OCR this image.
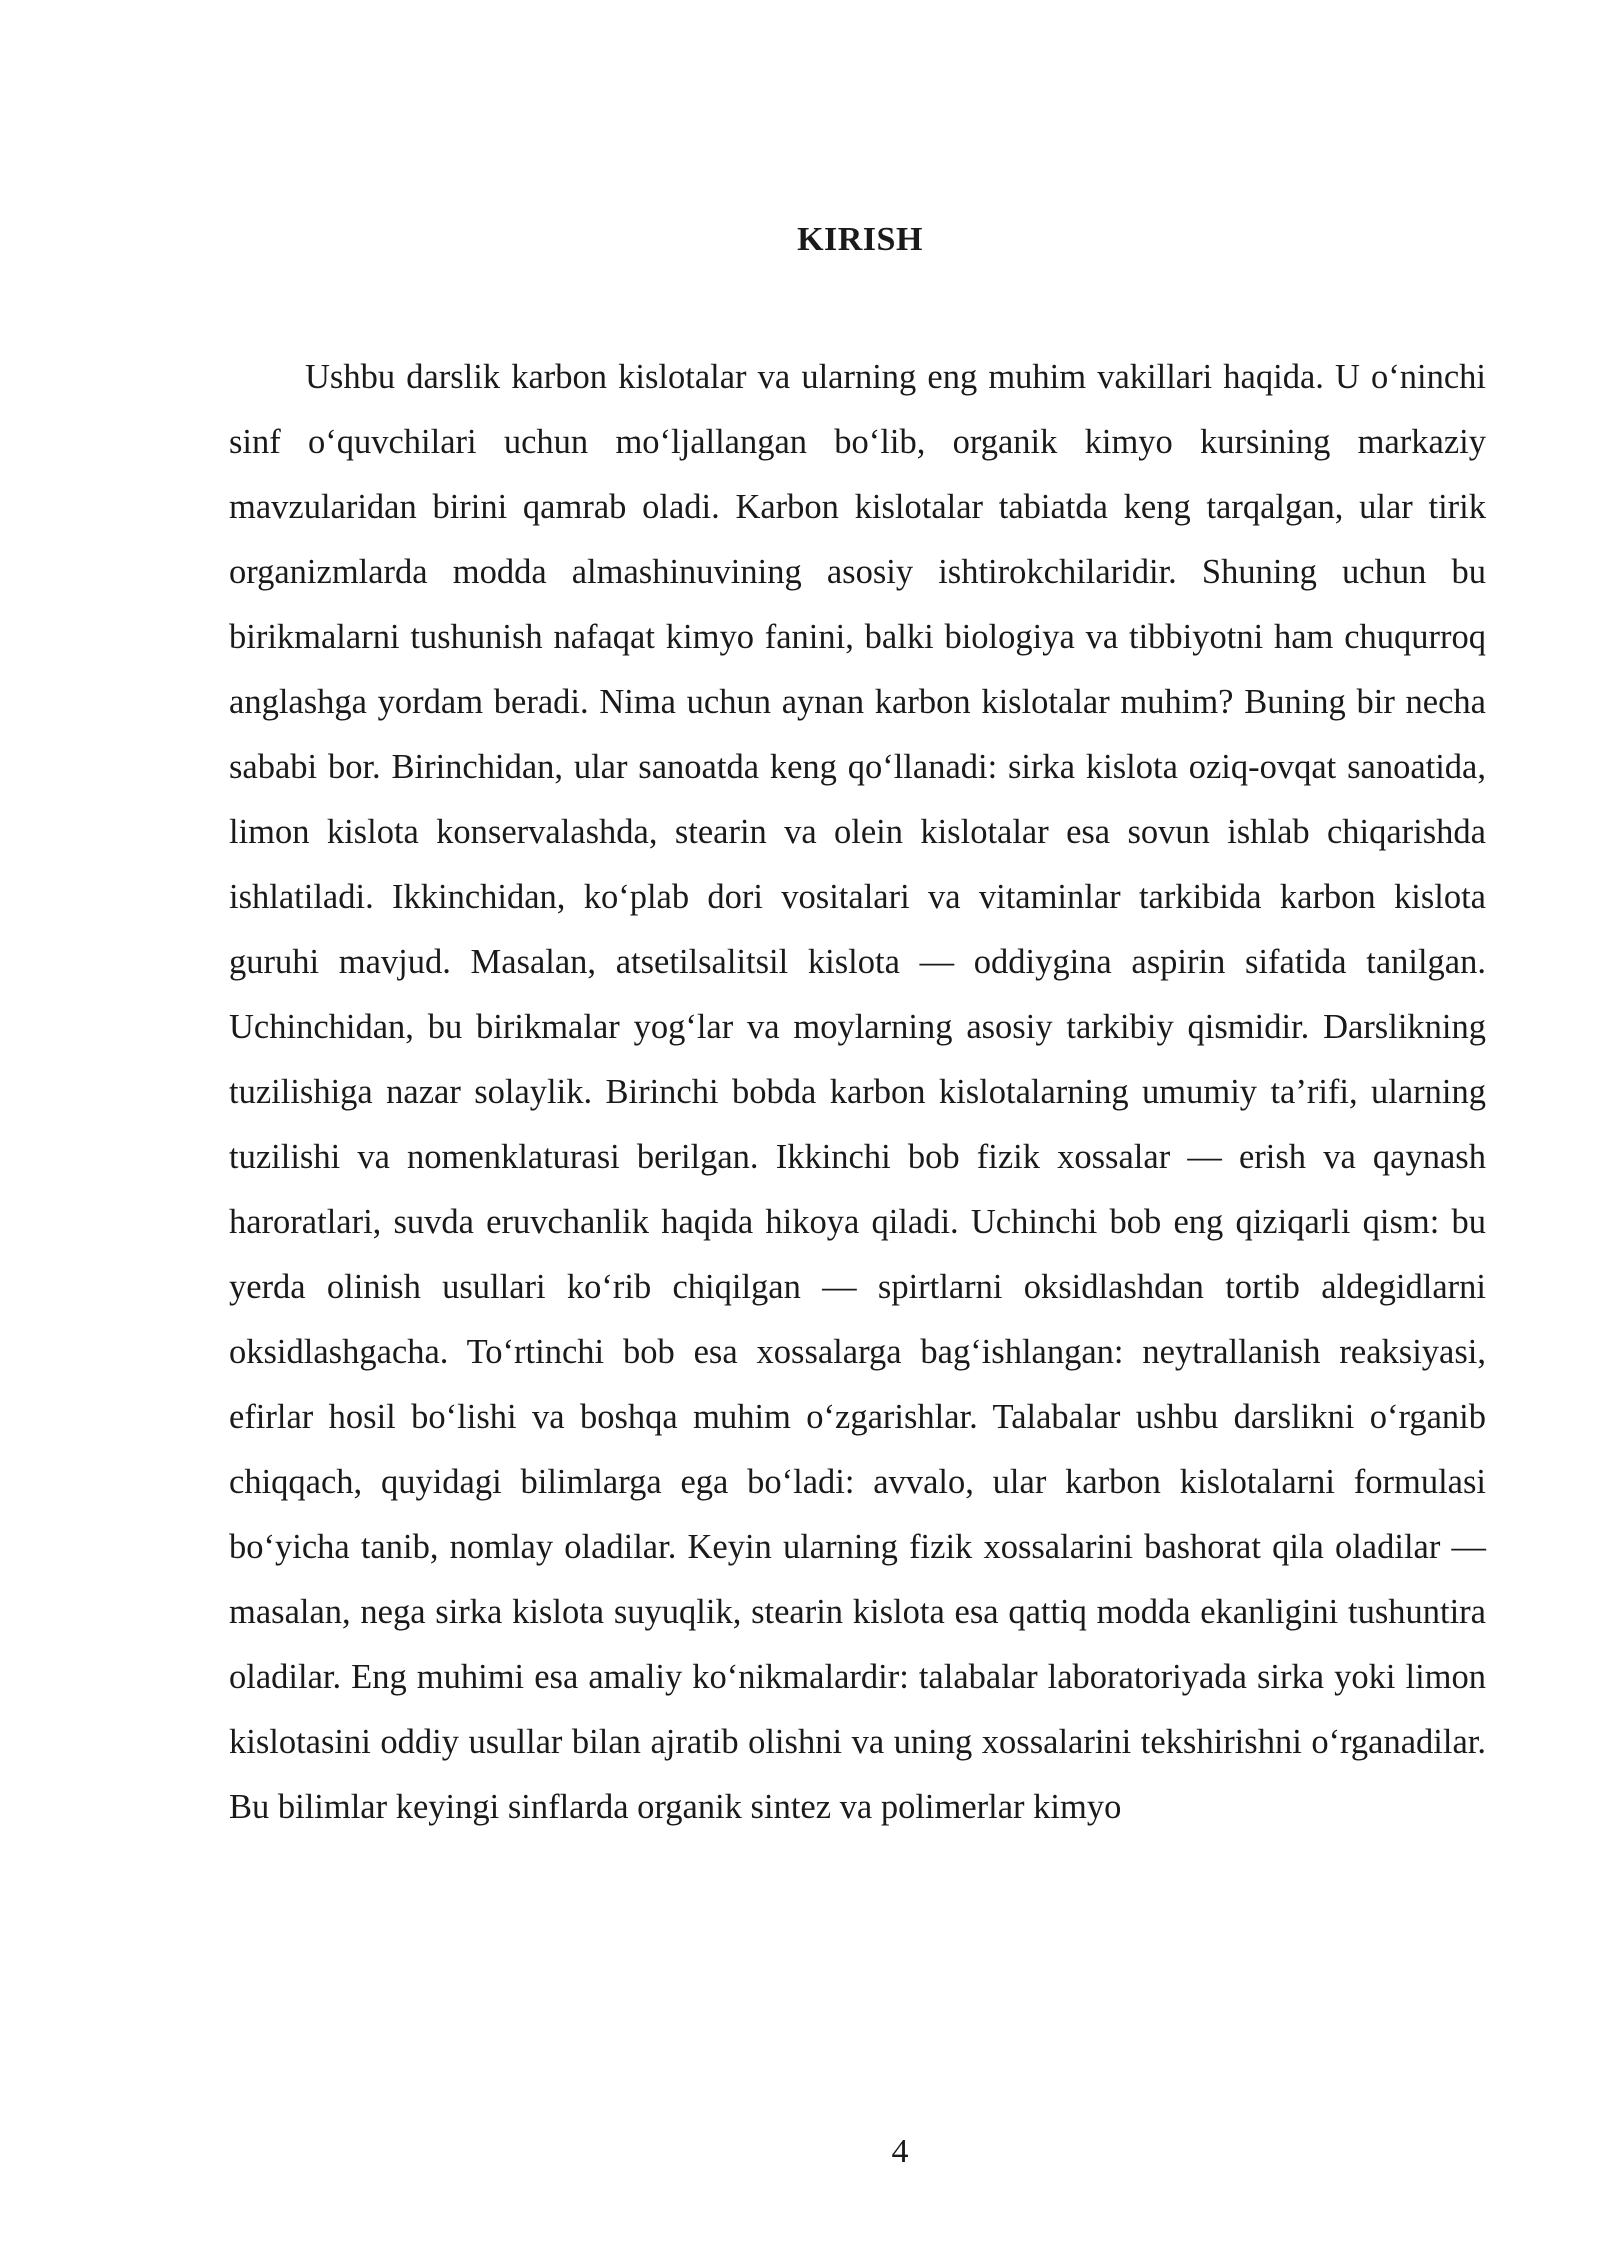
KIRISH

Ushbu darslik karbon kislotalar va ularning eng muhim vakillari haqida. U o‘ninchi sinf o‘quvchilari uchun mo‘ljallangan bo‘lib, organik kimyo kursining markaziy mavzularidan birini qamrab oladi. Karbon kislotalar tabiatda keng tarqalgan, ular tirik organizmlarda modda almashinuvining asosiy ishtirokchilaridir. Shuning uchun bu birikmalarni tushunish nafaqat kimyo fanini, balki biologiya va tibbiyotni ham chuqurroq anglashga yordam beradi. Nima uchun aynan karbon kislotalar muhim? Buning bir necha sababi bor. Birinchidan, ular sanoatda keng qo‘llanadi: sirka kislota oziq-ovqat sanoatida, limon kislota konservalashda, stearin va olein kislotalar esa sovun ishlab chiqarishda ishlatiladi. Ikkinchidan, ko‘plab dori vositalari va vitaminlar tarkibida karbon kislota guruhi mavjud. Masalan, atsetilsalitsil kislota — oddiygina aspirin sifatida tanilgan. Uchinchidan, bu birikmalar yog‘lar va moylarning asosiy tarkibiy qismidir. Darslikning tuzilishiga nazar solaylik. Birinchi bobda karbon kislotalarning umumiy ta’rifi, ularning tuzilishi va nomenklaturasi berilgan. Ikkinchi bob fizik xossalar — erish va qaynash haroratlari, suvda eruvchanlik haqida hikoya qiladi. Uchinchi bob eng qiziqarli qism: bu yerda olinish usullari ko‘rib chiqilgan — spirtlarni oksidlashdan tortib aldegidlarni oksidlashgacha. To‘rtinchi bob esa xossalarga bag‘ishlangan: neytrallanish reaksiyasi, efirlar hosil bo‘lishi va boshqa muhim o‘zgarishlar. Talabalar ushbu darslikni o‘rganib chiqqach, quyidagi bilimlarga ega bo‘ladi: avvalo, ular karbon kislotalarni formulasi bo‘yicha tanib, nomlay oladilar. Keyin ularning fizik xossalarini bashorat qila oladilar — masalan, nega sirka kislota suyuqlik, stearin kislota esa qattiq modda ekanligini tushuntira oladilar. Eng muhimi esa amaliy ko‘nikmalardir: talabalar laboratoriyada sirka yoki limon kislotasini oddiy usullar bilan ajratib olishni va uning xossalarini tekshirishni o‘rganadilar. Bu bilimlar keyingi sinflarda organik sintez va polimerlar kimyo

4
